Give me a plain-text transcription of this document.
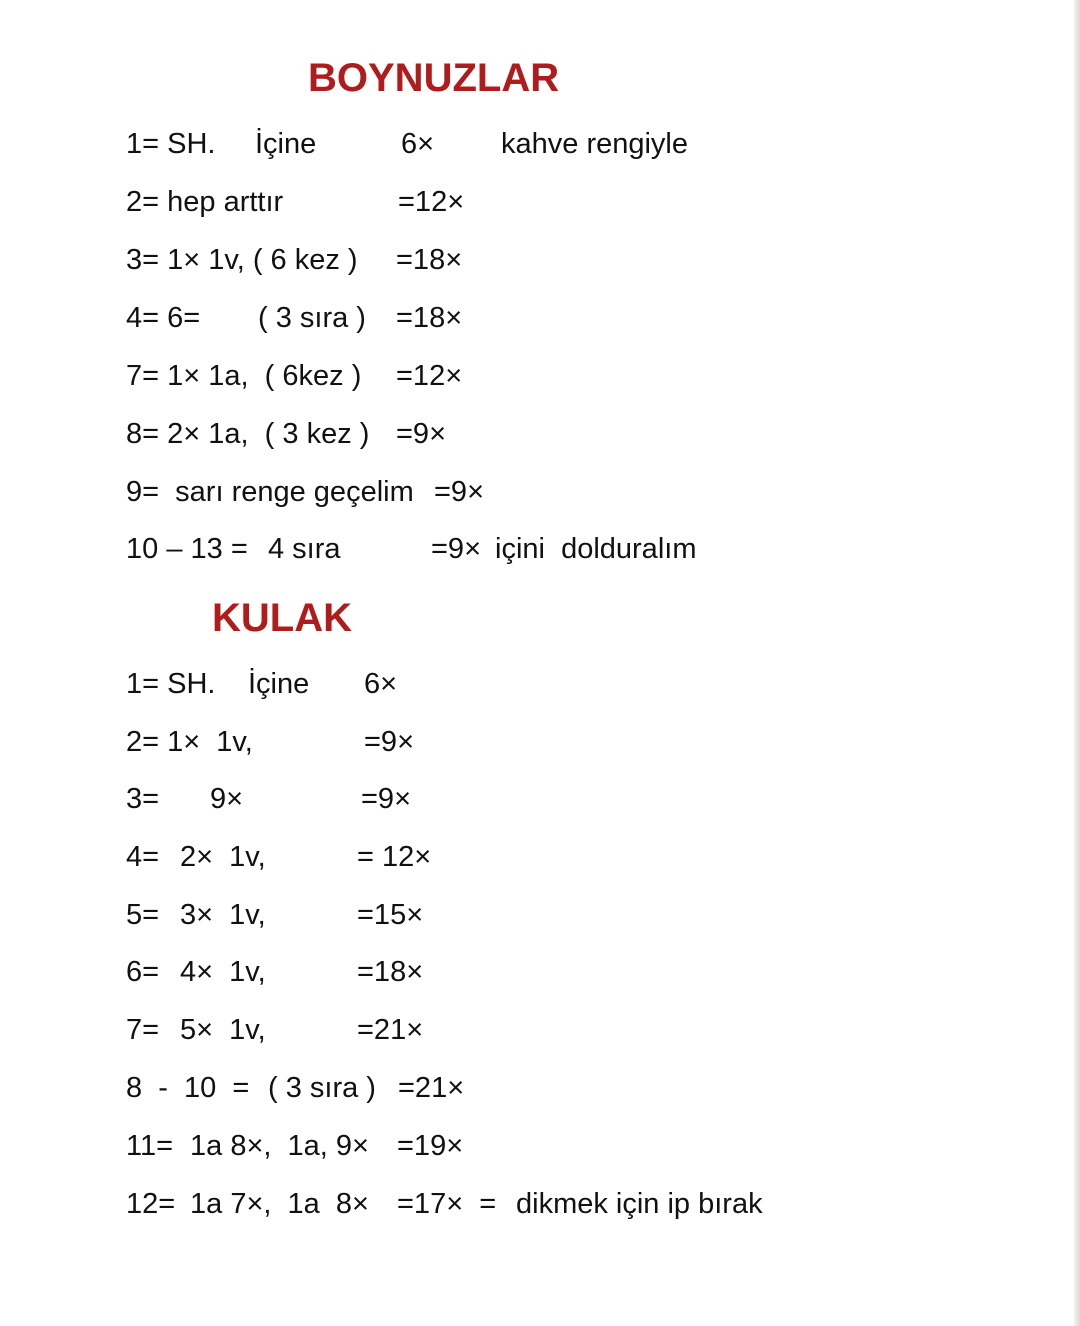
BOYNUZLAR
1= SH. İçine	6× kahve rengiyle
2= hep arttır	=12×
3= 1× 1v, ( 6 kez ) =18×
4= 6= ( 3 sıra ) =18×
7= 1× 1a,  ( 6kez ) =12×
8= 2× 1a,  ( 3 kez ) =9×
9=  sarı renge geçelim =9×
10 – 13 = 4 sıra	=9× içini  dolduralım
KULAK
1= SH. İçine 6×
2= 1×  1v,	=9×
3= 9×	=9×
4= 2×  1v,	= 12×
5= 3×  1v,	=15×
6= 4×  1v,	=18×
7= 5×  1v,	=21×
8  -  10  = ( 3 sıra ) =21×
11= 1a 8×,  1a, 9× =19×
12= 1a 7×,  1a  8× =17×  = dikmek için ip bırak
